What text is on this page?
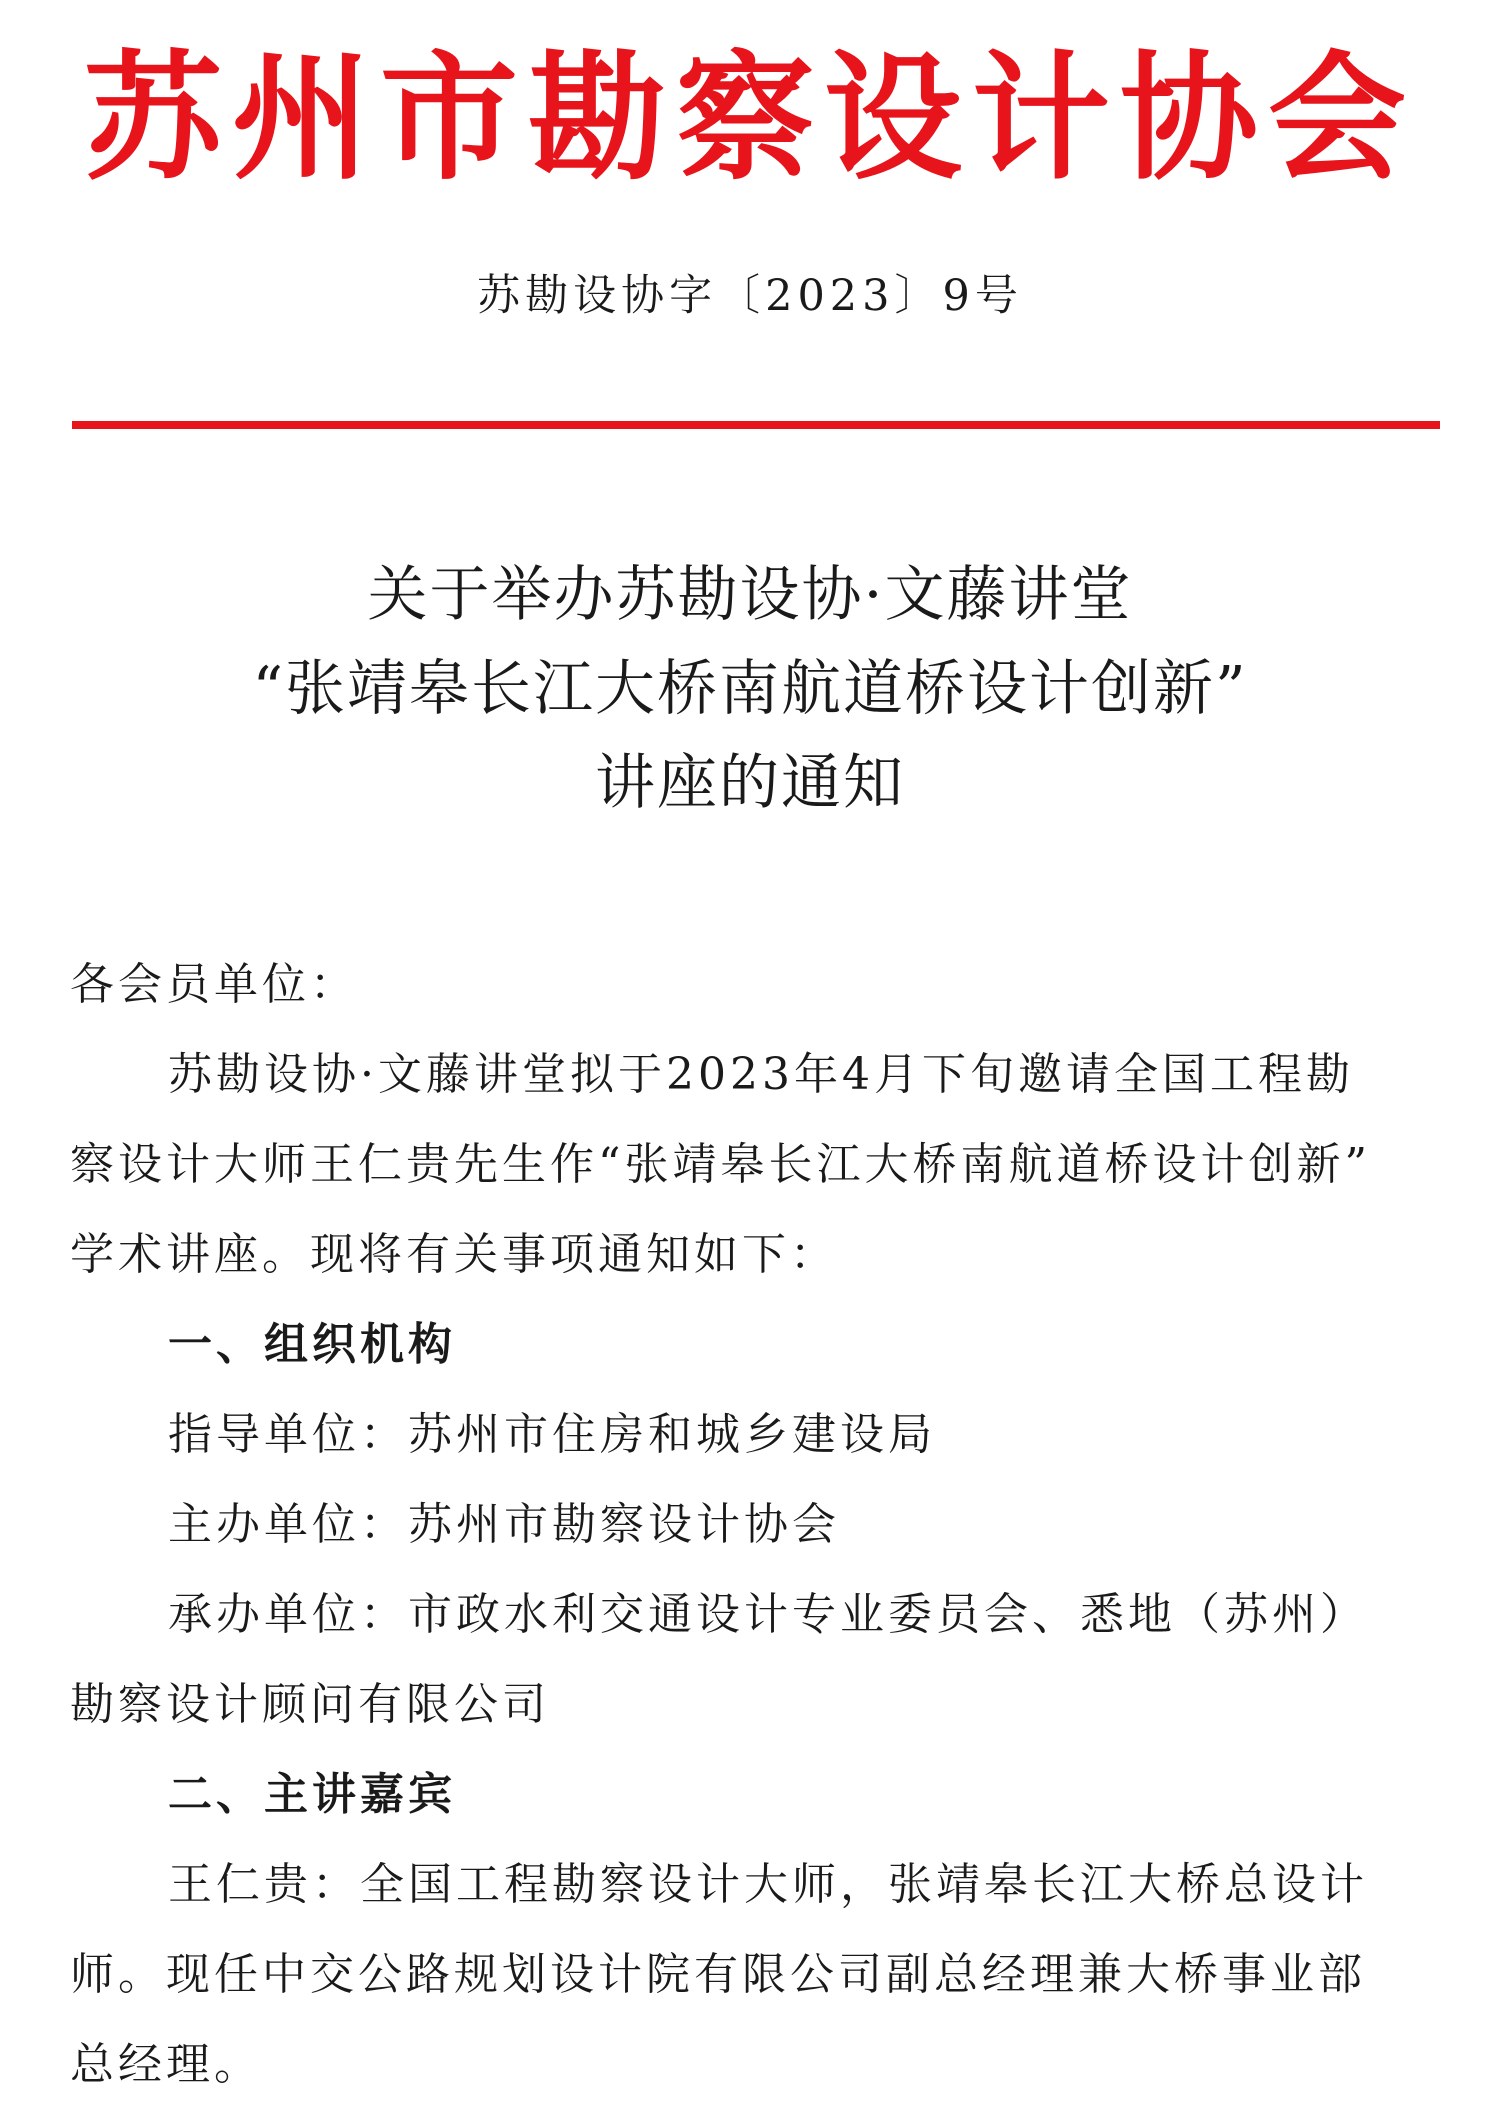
苏州市勘察设计协会
苏勘设协字〔2023〕9号
关于举办苏勘设协·文藤讲堂
“张靖皋长江大桥南航道桥设计创新”
讲座的通知
各会员单位：
苏勘设协·文藤讲堂拟于2023年4月下旬邀请全国工程勘
察设计大师王仁贵先生作“张靖皋长江大桥南航道桥设计创新”
学术讲座。现将有关事项通知如下：
一、组织机构
指导单位：苏州市住房和城乡建设局
主办单位：苏州市勘察设计协会
承办单位：市政水利交通设计专业委员会、悉地（苏州）
勘察设计顾问有限公司
二、主讲嘉宾
王仁贵：全国工程勘察设计大师，张靖皋长江大桥总设计
师。现任中交公路规划设计院有限公司副总经理兼大桥事业部
总经理。
